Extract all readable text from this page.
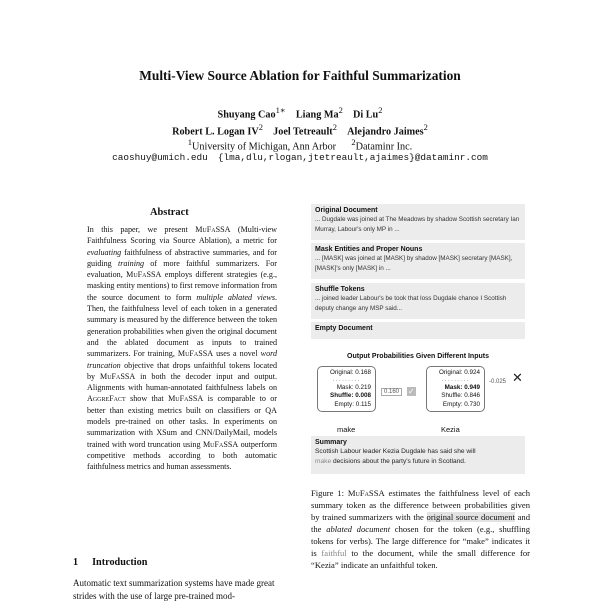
Multi-View Source Ablation for Faithful Summarization
Shuyang Cao$^{1∗}$ Liang Ma$^2$ Di Lu$^2$
Robert L. Logan $IV^2$ Joel Tetreault$^2$ Alejandro Jaimes$^2$
$^1$University of Michigan, Ann Arbor $^2$Dataminr Inc.
caoshuy@umich.edu {lma,dlu,rlogan,jtetreault,ajaimes}@dataminr.com
Abstract
In this paper, we present MuFaSSA (Multi-view Faithfulness Scoring via Source Ablation), a metric for evaluating faithfulness of abstractive summaries, and for guiding training of more faithful summarizers. For evaluation, MuFaSSA employs different strategies (e.g., masking entity mentions) to first remove information from the source document to form multiple ablated views. Then, the faithfulness level of each token in a generated summary is measured by the difference between the token generation probabilities when given the original document and the ablated document as inputs to trained summarizers. For training, MuFaSSA uses a novel word truncation objective that drops unfaithful tokens located by MuFaSSA in both the decoder input and output. Alignments with human-annotated faithfulness labels on AggreFact show that MuFaSSA is comparable to or better than existing metrics built on classifiers or QA models pre-trained on other tasks. In experiments on summarization with XSum and CNN/DailyMail, models trained with word truncation using MuFaSSA outperform competitive methods according to both automatic faithfulness metrics and human assessments.
1 Introduction
Automatic text summarization systems have made great strides with the use of large pre-trained mod-
Original Document
... Dugdale was joined at The Meadows by shadow Scottish secretary Ian Murray, Labour's only MP in ...
Mask Entities and Proper Nouns
... [MASK] was joined at [MASK] by shadow [MASK] secretary [MASK], [MASK]'s only [MASK] in ...
Shuffle Tokens
... joined leader Labour's be took that loss Dugdale chance I Scottish deputy change any MSP said...
Empty Document
Output Probabilities Given Different Inputs
Original: 0.168
·········
Mask: 0.219
Shuffle: 0.008
Empty: 0.115
0.160	✓
make
Original: 0.924
·········
Mask: 0.949
Shuffle: 0.846
Empty: 0.730
-0.025 ✕
Kezia
Summary
Scottish Labour leader Kezia Dugdale has said she will
make decisions about the party's future in Scotland.
Figure 1: MuFaSSA estimates the faithfulness level of each summary token as the difference between probabilities given by trained summarizers with the original source document and the ablated document chosen for the token (e.g., shuffling tokens for verbs). The large difference for “make” indicates it is faithful to the document, while the small difference for “Kezia” indicate an unfaithful token.
